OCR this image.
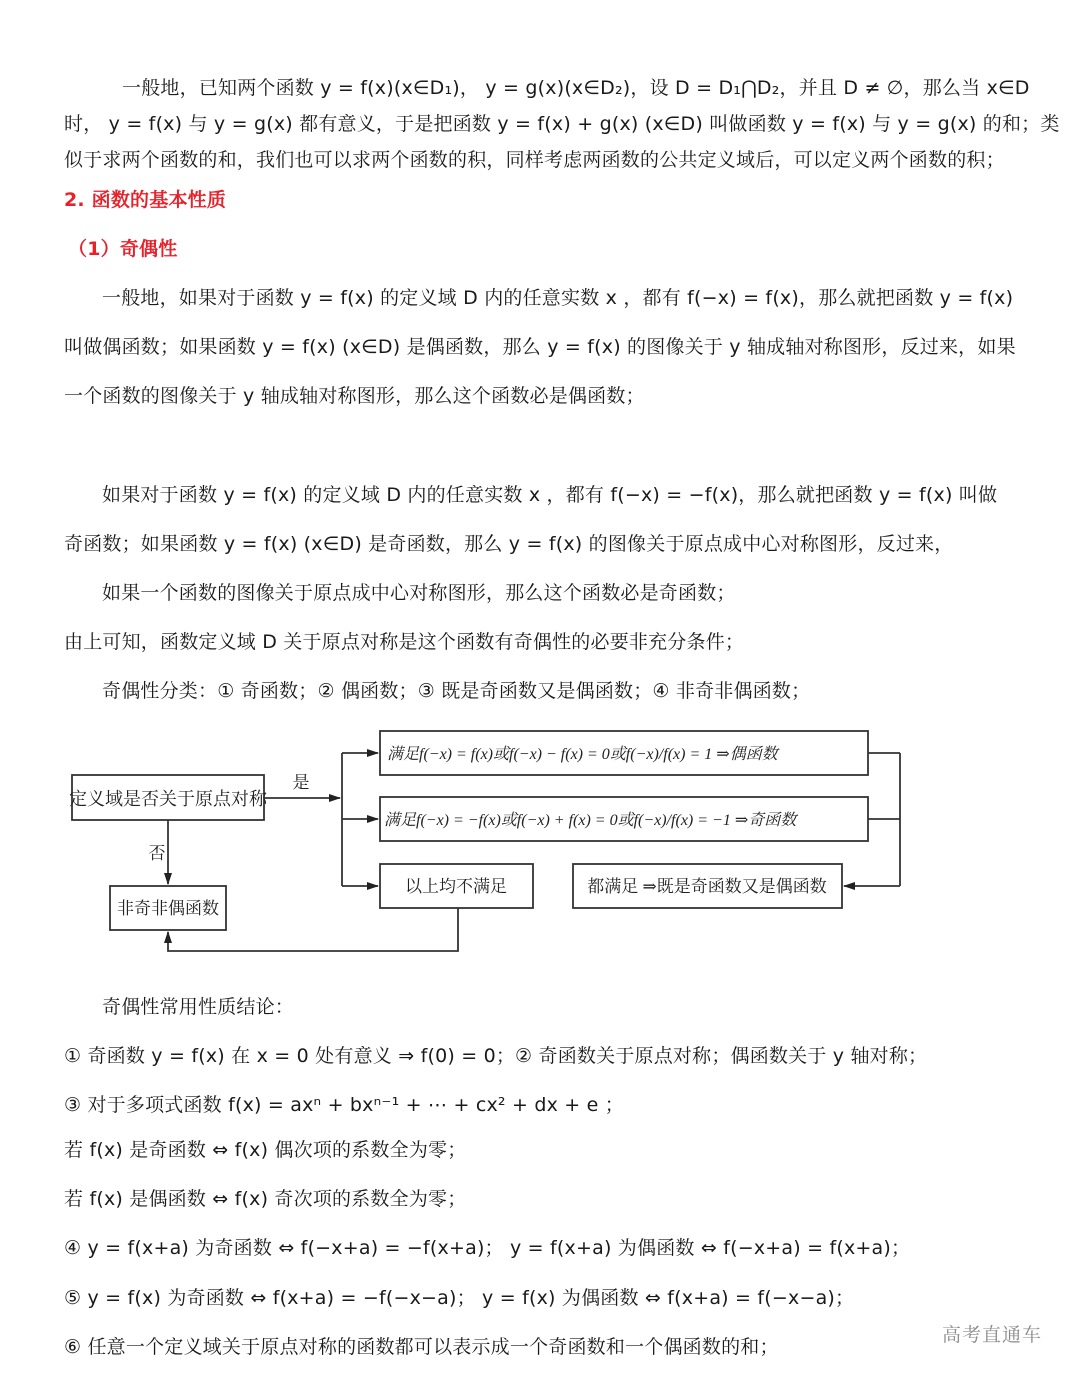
一般地，已知两个函数 y = f(x)(x∈D₁)， y = g(x)(x∈D₂)，设 D = D₁⋂D₂，并且 D ≠ ∅，那么当 x∈D
时， y = f(x) 与 y = g(x) 都有意义，于是把函数 y = f(x) + g(x) (x∈D) 叫做函数 y = f(x) 与 y = g(x) 的和；类
似于求两个函数的和，我们也可以求两个函数的积，同样考虑两函数的公共定义域后，可以定义两个函数的积；
2. 函数的基本性质
（1）奇偶性
一般地，如果对于函数 y = f(x) 的定义域 D 内的任意实数 x ，都有 f(−x) = f(x)，那么就把函数 y = f(x)
叫做偶函数；如果函数 y = f(x) (x∈D) 是偶函数，那么 y = f(x) 的图像关于 y 轴成轴对称图形，反过来，如果
一个函数的图像关于 y 轴成轴对称图形，那么这个函数必是偶函数；
如果对于函数 y = f(x) 的定义域 D 内的任意实数 x ，都有 f(−x) = −f(x)，那么就把函数 y = f(x) 叫做
奇函数；如果函数 y = f(x) (x∈D) 是奇函数，那么 y = f(x) 的图像关于原点成中心对称图形，反过来，
如果一个函数的图像关于原点成中心对称图形，那么这个函数必是奇函数；
由上可知，函数定义域 D 关于原点对称是这个函数有奇偶性的必要非充分条件；
奇偶性分类：① 奇函数；② 偶函数；③ 既是奇函数又是偶函数；④ 非奇非偶函数；
定义域是否关于原点对称
是
否
满足f(−x) = f(x)或f(−x) − f(x) = 0或f(−x)/f(x) = 1 ⇒偶函数
满足f(−x) = −f(x)或f(−x) + f(x) = 0或f(−x)/f(x) = −1 ⇒奇函数
以上均不满足	都满足 ⇒既是奇函数又是偶函数
非奇非偶函数
奇偶性常用性质结论：
① 奇函数 y = f(x) 在 x = 0 处有意义 ⇒ f(0) = 0；② 奇函数关于原点对称；偶函数关于 y 轴对称；
③ 对于多项式函数 f(x) = axⁿ + bxⁿ⁻¹ + ⋯ + cx² + dx + e ；
若 f(x) 是奇函数 ⇔ f(x) 偶次项的系数全为零；
若 f(x) 是偶函数 ⇔ f(x) 奇次项的系数全为零；
④ y = f(x+a) 为奇函数 ⇔ f(−x+a) = −f(x+a)； y = f(x+a) 为偶函数 ⇔ f(−x+a) = f(x+a)；
⑤ y = f(x) 为奇函数 ⇔ f(x+a) = −f(−x−a)； y = f(x) 为偶函数 ⇔ f(x+a) = f(−x−a)；
⑥ 任意一个定义域关于原点对称的函数都可以表示成一个奇函数和一个偶函数的和；
高考直通车
